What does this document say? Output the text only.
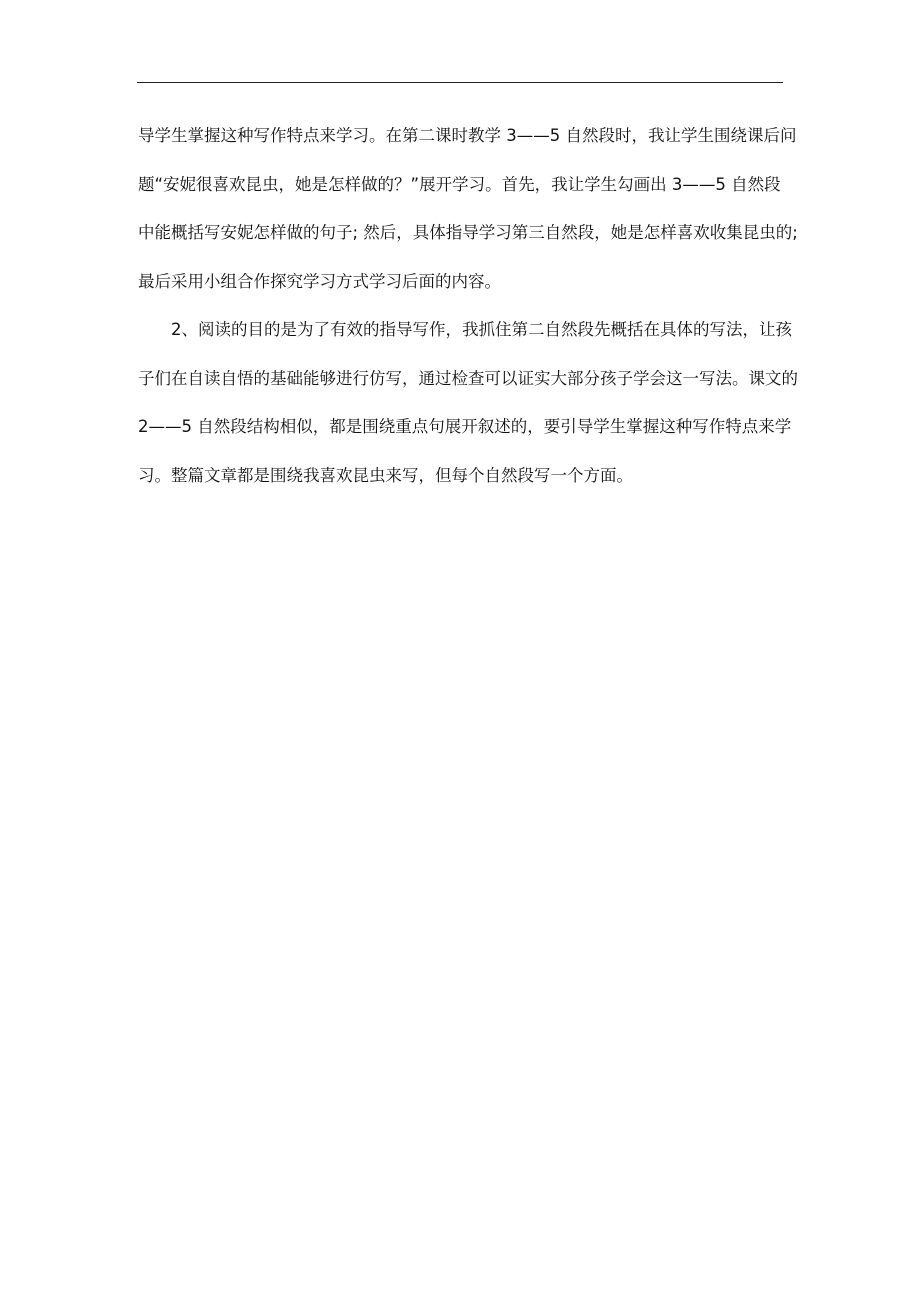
导学生掌握这种写作特点来学习。在第二课时教学 3——5 自然段时，我让学生围绕课后问
题“安妮很喜欢昆虫，她是怎样做的？”展开学习。首先，我让学生勾画出 3——5 自然段
中能概括写安妮怎样做的句子; 然后，具体指导学习第三自然段，她是怎样喜欢收集昆虫的;
最后采用小组合作探究学习方式学习后面的内容。
2、阅读的目的是为了有效的指导写作，我抓住第二自然段先概括在具体的写法，让孩
子们在自读自悟的基础能够进行仿写，通过检查可以证实大部分孩子学会这一写法。课文的
2——5 自然段结构相似，都是围绕重点句展开叙述的，要引导学生掌握这种写作特点来学
习。整篇文章都是围绕我喜欢昆虫来写，但每个自然段写一个方面。
